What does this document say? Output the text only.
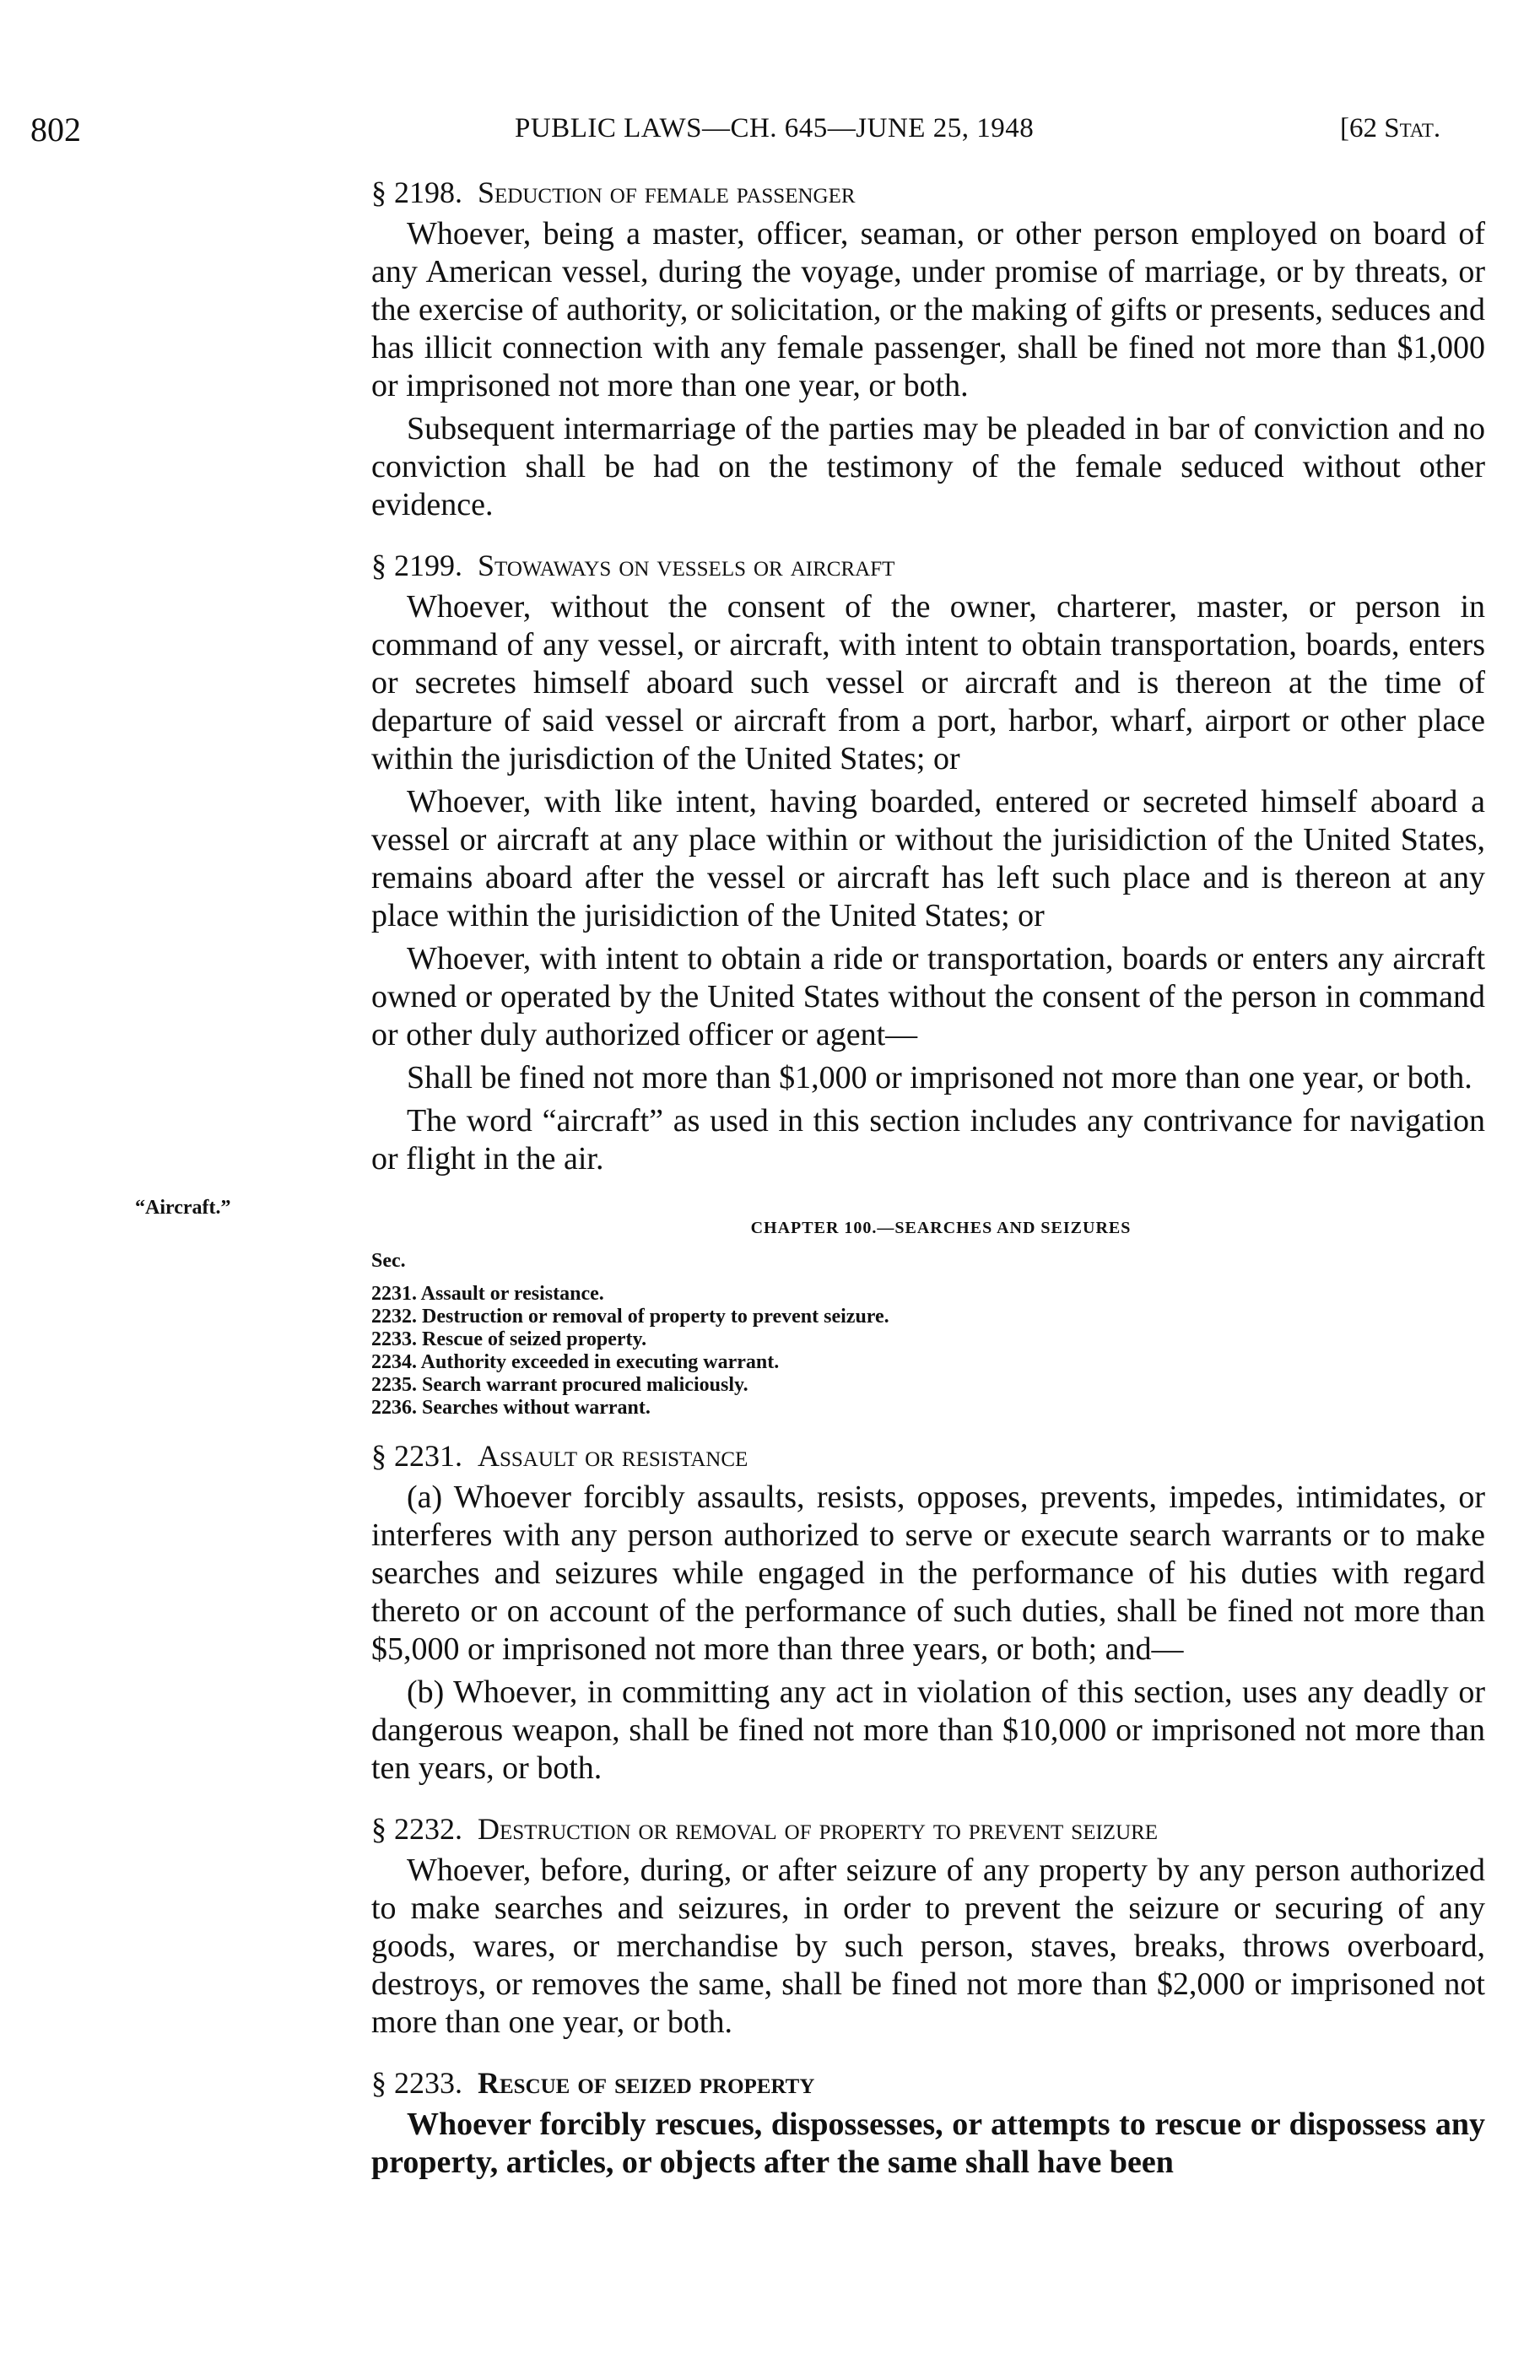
802	PUBLIC LAWS—CH. 645—JUNE 25, 1948	[62 Stat.
“Aircraft.”
§ 2198. Seduction of female passenger

Whoever, being a master, officer, seaman, or other person employed on board of any American vessel, during the voyage, under promise of marriage, or by threats, or the exercise of authority, or solicitation, or the making of gifts or presents, seduces and has illicit connection with any female passenger, shall be fined not more than $1,000 or imprisoned not more than one year, or both.

Subsequent intermarriage of the parties may be pleaded in bar of conviction and no conviction shall be had on the testimony of the female seduced without other evidence.

§ 2199. Stowaways on vessels or aircraft

Whoever, without the consent of the owner, charterer, master, or person in command of any vessel, or aircraft, with intent to obtain transportation, boards, enters or secretes himself aboard such vessel or aircraft and is thereon at the time of departure of said vessel or aircraft from a port, harbor, wharf, airport or other place within the jurisdiction of the United States; or

Whoever, with like intent, having boarded, entered or secreted himself aboard a vessel or aircraft at any place within or without the jurisidiction of the United States, remains aboard after the vessel or aircraft has left such place and is thereon at any place within the jurisidiction of the United States; or

Whoever, with intent to obtain a ride or transportation, boards or enters any aircraft owned or operated by the United States without the consent of the person in command or other duly authorized officer or agent—

Shall be fined not more than $1,000 or imprisoned not more than one year, or both.

The word “aircraft” as used in this section includes any contrivance for navigation or flight in the air.

CHAPTER 100.—SEARCHES AND SEIZURES
Sec.
2231. Assault or resistance.
2232. Destruction or removal of property to prevent seizure.
2233. Rescue of seized property.
2234. Authority exceeded in executing warrant.
2235. Search warrant procured maliciously.
2236. Searches without warrant.
§ 2231. Assault or resistance

(a) Whoever forcibly assaults, resists, opposes, prevents, impedes, intimidates, or interferes with any person authorized to serve or execute search warrants or to make searches and seizures while engaged in the performance of his duties with regard thereto or on account of the performance of such duties, shall be fined not more than $5,000 or imprisoned not more than three years, or both; and—

(b) Whoever, in committing any act in violation of this section, uses any deadly or dangerous weapon, shall be fined not more than $10,000 or imprisoned not more than ten years, or both.

§ 2232. Destruction or removal of property to prevent seizure

Whoever, before, during, or after seizure of any property by any person authorized to make searches and seizures, in order to prevent the seizure or securing of any goods, wares, or merchandise by such person, staves, breaks, throws overboard, destroys, or removes the same, shall be fined not more than $2,000 or imprisoned not more than one year, or both.

§ 2233. Rescue of seized property

Whoever forcibly rescues, dispossesses, or attempts to rescue or dispossess any property, articles, or objects after the same shall have been
